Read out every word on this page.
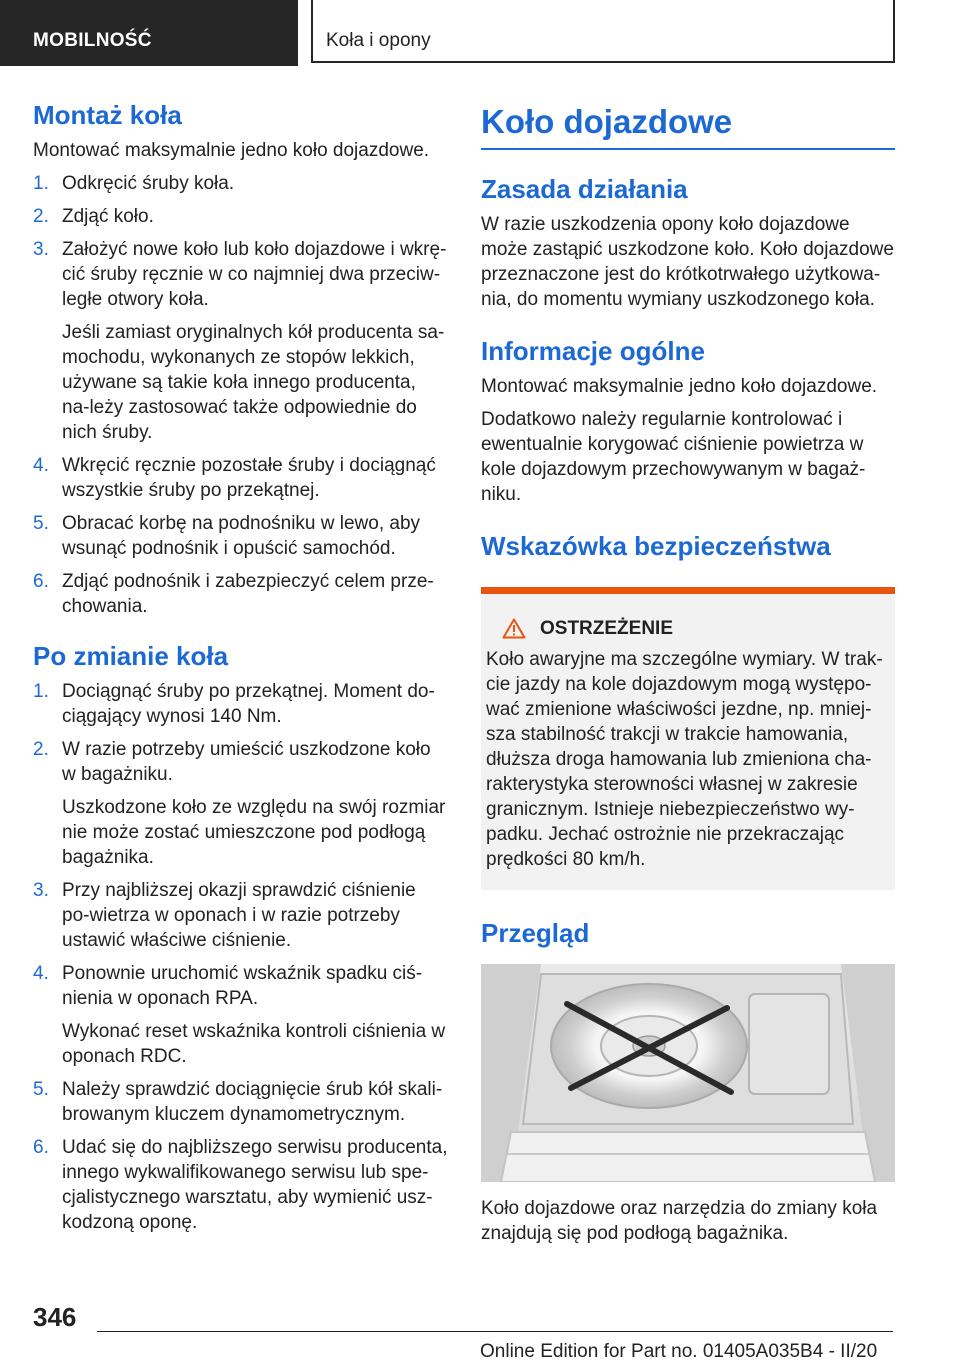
MOBILNOŚĆ	Koła i opony
Montaż koła

Montować maksymalnie jedno koło dojazdowe.

1. Odkręcić śruby koła.
2. Zdjąć koło.
3. Założyć nowe koło lub koło dojazdowe i wkrę-cić śruby ręcznie w co najmniej dwa przeciw-ległe otwory koła.
Jeśli zamiast oryginalnych kół producenta sa-mochodu, wykonanych ze stopów lekkich, używane są takie koła innego producenta, na-leży zastosować także odpowiednie do nich śruby.
4. Wkręcić ręcznie pozostałe śruby i dociągnąć wszystkie śruby po przekątnej.
5. Obracać korbę na podnośniku w lewo, aby wsunąć podnośnik i opuścić samochód.
6. Zdjąć podnośnik i zabezpieczyć celem prze-chowania.
Po zmianie koła
1. Dociągnąć śruby po przekątnej. Moment do-ciągający wynosi 140 Nm.
2. W razie potrzeby umieścić uszkodzone koło w bagażniku.
Uszkodzone koło ze względu na swój rozmiar nie może zostać umieszczone pod podłogą bagażnika.
3. Przy najbliższej okazji sprawdzić ciśnienie po-wietrza w oponach i w razie potrzeby ustawić właściwe ciśnienie.
4. Ponownie uruchomić wskaźnik spadku ciś-nienia w oponach RPA.
Wykonać reset wskaźnika kontroli ciśnienia w oponach RDC.
5. Należy sprawdzić dociągnięcie śrub kół skali-browanym kluczem dynamometrycznym.
6. Udać się do najbliższego serwisu producenta, innego wykwalifikowanego serwisu lub spe-cjalistycznego warsztatu, aby wymienić usz-kodzoną oponę.
Koło dojazdowe
Zasada działania

W razie uszkodzenia opony koło dojazdowe może zastąpić uszkodzone koło. Koło dojazdowe przeznaczone jest do krótkotrwałego użytkowa-nia, do momentu wymiany uszkodzonego koła.

Informacje ogólne

Montować maksymalnie jedno koło dojazdowe.

Dodatkowo należy regularnie kontrolować i ewentualnie korygować ciśnienie powietrza w kole dojazdowym przechowywanym w bagaż-niku.

Wskazówka bezpieczeństwa
OSTRZEŻENIE

Koło awaryjne ma szczególne wymiary. W trak-cie jazdy na kole dojazdowym mogą występo-wać zmienione właściwości jezdne, np. mniej-sza stabilność trakcji w trakcie hamowania, dłuższa droga hamowania lub zmieniona cha-rakterystyka sterowności własnej w zakresie granicznym. Istnieje niebezpieczeństwo wy-padku. Jechać ostrożnie nie przekraczając prędkości 80 km/h.

Przegląd

Koło dojazdowe oraz narzędzia do zmiany koła znajdują się pod podłogą bagażnika.

346
Online Edition for Part no. 01405A035B4 - II/20
